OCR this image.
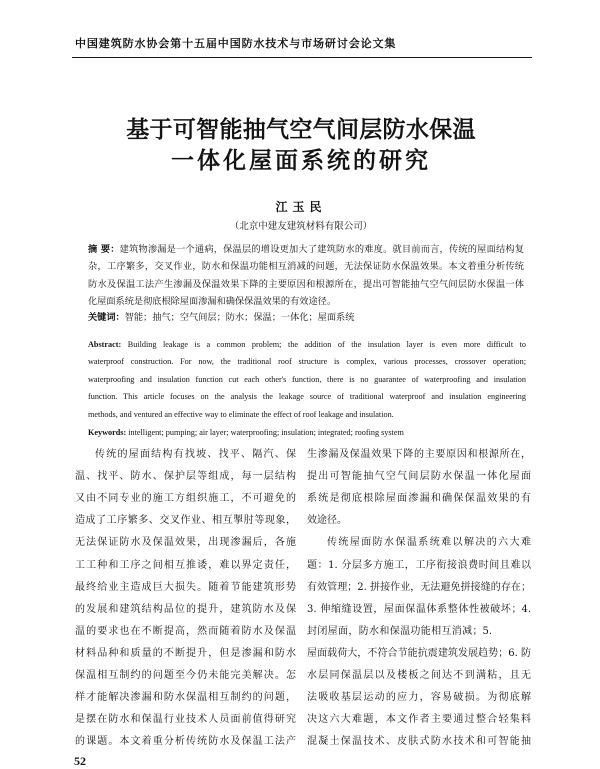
中国建筑防水协会第十五届中国防水技术与市场研讨会论文集
基于可智能抽气空气间层防水保温
一体化屋面系统的研究
江玉民
（北京中建友建筑材料有限公司）
摘 要：建筑物渗漏是一个通病，保温层的增设更加大了建筑防水的难度。就目前而言，传统的屋面结构复
杂，工序繁多，交叉作业，防水和保温功能相互消减的问题，无法保证防水保温效果。本文着重分析传统
防水及保温工法产生渗漏及保温效果下降的主要原因和根源所在，提出可智能抽气空气间层防水保温一体
化屋面系统是彻底根除屋面渗漏和确保保温效果的有效途径。
关键词：智能；抽气；空气间层；防水；保温；一体化；屋面系统
Abstract: Building leakage is a common problem; the addition of the insulation layer is even more difficult to
waterproof construction. For now, the traditional roof structure is complex, various processes, crossover operation;
waterproofing and insulation function cut each other's function, there is no guarantee of waterproofing and insulation
function. This article focuses on the analysis the leakage source of traditional waterproof and insulation engineering
methods, and ventured an effective way to eliminate the effect of roof leakage and insulation.
Keywords: intelligent; pumping; air layer; waterproofing; insulation; integrated; roofing system
传统的屋面结构有找坡、找平、隔汽、保
温、找平、防水、保护层等组成，每一层结构
又由不同专业的施工方组织施工，不可避免的
造成了工序繁多、交叉作业、相互掣肘等现象，
无法保证防水及保温效果，出现渗漏后，各施
工工种和工序之间相互推诿，难以界定责任，
最终给业主造成巨大损失。随着节能建筑形势
的发展和建筑结构品位的提升，建筑防水及保
温的要求也在不断提高，然而随着防水及保温
材料品种和质量的不断提升，但是渗漏和防水
保温相互制约的问题至今仍未能完美解决。怎
样才能解决渗漏和防水保温相互制约的问题，
是摆在防水和保温行业技术人员面前值得研究
的课题。本文着重分析传统防水及保温工法产
生渗漏及保温效果下降的主要原因和根源所在，
提出可智能抽气空气间层防水保温一体化屋面
系统是彻底根除屋面渗漏和确保保温效果的有
效途径。
传统屋面防水保温系统难以解决的六大难
题：1. 分层多方施工，工序衔接浪费时间且难以
有效管理；2. 拼接作业，无法避免拼接缝的存在；
3. 伸缩缝设置，屋面保温体系整体性被破坏；4.
封闭屋面，防水和保温功能相互消减；5.
屋面载荷大，不符合节能抗震建筑发展趋势；6. 防
水层同保温层以及楼板之间达不到满粘，且无
法吸收基层运动的应力，容易破损。为彻底解
决这六大难题，本文作者主要通过整合轻集料
混凝土保温技术、皮肤式防水技术和可智能抽
52
